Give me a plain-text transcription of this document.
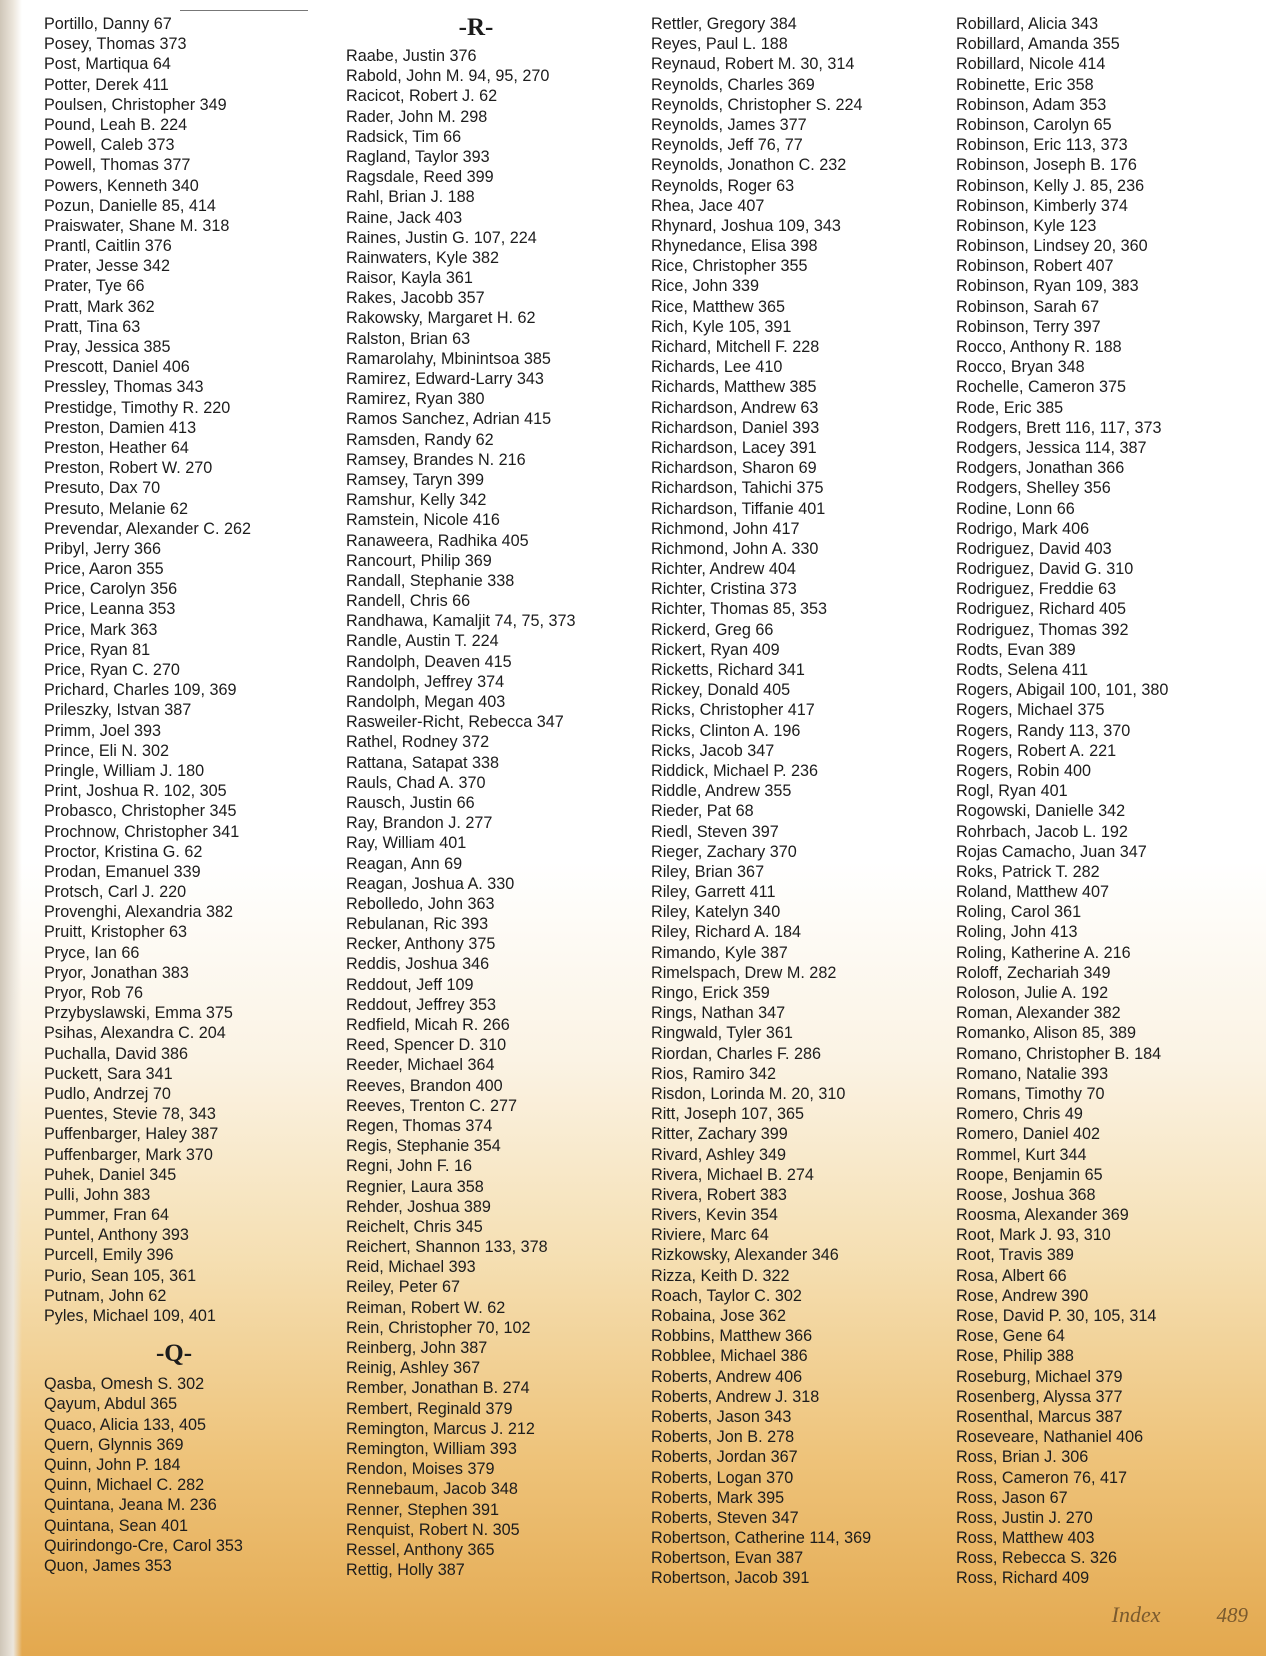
Portillo, Danny 67
Posey, Thomas 373
Post, Martiqua 64
Potter, Derek 411
Poulsen, Christopher 349
Pound, Leah B. 224
Powell, Caleb 373
Powell, Thomas 377
Powers, Kenneth 340
Pozun, Danielle 85, 414
Praiswater, Shane M. 318
Prantl, Caitlin 376
Prater, Jesse 342
Prater, Tye 66
Pratt, Mark 362
Pratt, Tina 63
Pray, Jessica 385
Prescott, Daniel 406
Pressley, Thomas 343
Prestidge, Timothy R. 220
Preston, Damien 413
Preston, Heather 64
Preston, Robert W. 270
Presuto, Dax 70
Presuto, Melanie 62
Prevendar, Alexander C. 262
Pribyl, Jerry 366
Price, Aaron 355
Price, Carolyn 356
Price, Leanna 353
Price, Mark 363
Price, Ryan 81
Price, Ryan C. 270
Prichard, Charles 109, 369
Prileszky, Istvan 387
Primm, Joel 393
Prince, Eli N. 302
Pringle, William J. 180
Print, Joshua R. 102, 305
Probasco, Christopher 345
Prochnow, Christopher 341
Proctor, Kristina G. 62
Prodan, Emanuel 339
Protsch, Carl J. 220
Provenghi, Alexandria 382
Pruitt, Kristopher 63
Pryce, Ian 66
Pryor, Jonathan 383
Pryor, Rob 76
Przybyslawski, Emma 375
Psihas, Alexandra C. 204
Puchalla, David 386
Puckett, Sara 341
Pudlo, Andrzej 70
Puentes, Stevie 78, 343
Puffenbarger, Haley 387
Puffenbarger, Mark 370
Puhek, Daniel 345
Pulli, John 383
Pummer, Fran 64
Puntel, Anthony 393
Purcell, Emily 396
Purio, Sean 105, 361
Putnam, John 62
Pyles, Michael 109, 401
-Q-
Qasba, Omesh S. 302
Qayum, Abdul 365
Quaco, Alicia 133, 405
Quern, Glynnis 369
Quinn, John P. 184
Quinn, Michael C. 282
Quintana, Jeana M. 236
Quintana, Sean 401
Quirindongo-Cre, Carol 353
Quon, James 353
-R-
Raabe, Justin 376
Rabold, John M. 94, 95, 270
Racicot, Robert J. 62
Rader, John M. 298
Radsick, Tim 66
Ragland, Taylor 393
Ragsdale, Reed 399
Rahl, Brian J. 188
Raine, Jack 403
Raines, Justin G. 107, 224
Rainwaters, Kyle 382
Raisor, Kayla 361
Rakes, Jacobb 357
Rakowsky, Margaret H. 62
Ralston, Brian 63
Ramarolahy, Mbinintsoa 385
Ramirez, Edward-Larry 343
Ramirez, Ryan 380
Ramos Sanchez, Adrian 415
Ramsden, Randy 62
Ramsey, Brandes N. 216
Ramsey, Taryn 399
Ramshur, Kelly 342
Ramstein, Nicole 416
Ranaweera, Radhika 405
Rancourt, Philip 369
Randall, Stephanie 338
Randell, Chris 66
Randhawa, Kamaljit 74, 75, 373
Randle, Austin T. 224
Randolph, Deaven 415
Randolph, Jeffrey 374
Randolph, Megan 403
Rasweiler-Richt, Rebecca 347
Rathel, Rodney 372
Rattana, Satapat 338
Rauls, Chad A. 370
Rausch, Justin 66
Ray, Brandon J. 277
Ray, William 401
Reagan, Ann 69
Reagan, Joshua A. 330
Rebolledo, John 363
Rebulanan, Ric 393
Recker, Anthony 375
Reddis, Joshua 346
Reddout, Jeff 109
Reddout, Jeffrey 353
Redfield, Micah R. 266
Reed, Spencer D. 310
Reeder, Michael 364
Reeves, Brandon 400
Reeves, Trenton C. 277
Regen, Thomas 374
Regis, Stephanie 354
Regni, John F. 16
Regnier, Laura 358
Rehder, Joshua 389
Reichelt, Chris 345
Reichert, Shannon 133, 378
Reid, Michael 393
Reiley, Peter 67
Reiman, Robert W. 62
Rein, Christopher 70, 102
Reinberg, John 387
Reinig, Ashley 367
Rember, Jonathan B. 274
Rembert, Reginald 379
Remington, Marcus J. 212
Remington, William 393
Rendon, Moises 379
Rennebaum, Jacob 348
Renner, Stephen 391
Renquist, Robert N. 305
Ressel, Anthony 365
Rettig, Holly 387
Rettler, Gregory 384
Reyes, Paul L. 188
Reynaud, Robert M. 30, 314
Reynolds, Charles 369
Reynolds, Christopher S. 224
Reynolds, James 377
Reynolds, Jeff 76, 77
Reynolds, Jonathon C. 232
Reynolds, Roger 63
Rhea, Jace 407
Rhynard, Joshua 109, 343
Rhynedance, Elisa 398
Rice, Christopher 355
Rice, John 339
Rice, Matthew 365
Rich, Kyle 105, 391
Richard, Mitchell F. 228
Richards, Lee 410
Richards, Matthew 385
Richardson, Andrew 63
Richardson, Daniel 393
Richardson, Lacey 391
Richardson, Sharon 69
Richardson, Tahichi 375
Richardson, Tiffanie 401
Richmond, John 417
Richmond, John A. 330
Richter, Andrew 404
Richter, Cristina 373
Richter, Thomas 85, 353
Rickerd, Greg 66
Rickert, Ryan 409
Ricketts, Richard 341
Rickey, Donald 405
Ricks, Christopher 417
Ricks, Clinton A. 196
Ricks, Jacob 347
Riddick, Michael P. 236
Riddle, Andrew 355
Rieder, Pat 68
Riedl, Steven 397
Rieger, Zachary 370
Riley, Brian 367
Riley, Garrett 411
Riley, Katelyn 340
Riley, Richard A. 184
Rimando, Kyle 387
Rimelspach, Drew M. 282
Ringo, Erick 359
Rings, Nathan 347
Ringwald, Tyler 361
Riordan, Charles F. 286
Rios, Ramiro 342
Risdon, Lorinda M. 20, 310
Ritt, Joseph 107, 365
Ritter, Zachary 399
Rivard, Ashley 349
Rivera, Michael B. 274
Rivera, Robert 383
Rivers, Kevin 354
Riviere, Marc 64
Rizkowsky, Alexander 346
Rizza, Keith D. 322
Roach, Taylor C. 302
Robaina, Jose 362
Robbins, Matthew 366
Robblee, Michael 386
Roberts, Andrew 406
Roberts, Andrew J. 318
Roberts, Jason 343
Roberts, Jon B. 278
Roberts, Jordan 367
Roberts, Logan 370
Roberts, Mark 395
Roberts, Steven 347
Robertson, Catherine 114, 369
Robertson, Evan 387
Robertson, Jacob 391
Robillard, Alicia 343
Robillard, Amanda 355
Robillard, Nicole 414
Robinette, Eric 358
Robinson, Adam 353
Robinson, Carolyn 65
Robinson, Eric 113, 373
Robinson, Joseph B. 176
Robinson, Kelly J. 85, 236
Robinson, Kimberly 374
Robinson, Kyle 123
Robinson, Lindsey 20, 360
Robinson, Robert 407
Robinson, Ryan 109, 383
Robinson, Sarah 67
Robinson, Terry 397
Rocco, Anthony R. 188
Rocco, Bryan 348
Rochelle, Cameron 375
Rode, Eric 385
Rodgers, Brett 116, 117, 373
Rodgers, Jessica 114, 387
Rodgers, Jonathan 366
Rodgers, Shelley 356
Rodine, Lonn 66
Rodrigo, Mark 406
Rodriguez, David 403
Rodriguez, David G. 310
Rodriguez, Freddie 63
Rodriguez, Richard 405
Rodriguez, Thomas 392
Rodts, Evan 389
Rodts, Selena 411
Rogers, Abigail 100, 101, 380
Rogers, Michael 375
Rogers, Randy 113, 370
Rogers, Robert A. 221
Rogers, Robin 400
Rogl, Ryan 401
Rogowski, Danielle 342
Rohrbach, Jacob L. 192
Rojas Camacho, Juan 347
Roks, Patrick T. 282
Roland, Matthew 407
Roling, Carol 361
Roling, John 413
Roling, Katherine A. 216
Roloff, Zechariah 349
Roloson, Julie A. 192
Roman, Alexander 382
Romanko, Alison 85, 389
Romano, Christopher B. 184
Romano, Natalie 393
Romans, Timothy 70
Romero, Chris 49
Romero, Daniel 402
Rommel, Kurt 344
Roope, Benjamin 65
Roose, Joshua 368
Roosma, Alexander 369
Root, Mark J. 93, 310
Root, Travis 389
Rosa, Albert 66
Rose, Andrew 390
Rose, David P. 30, 105, 314
Rose, Gene 64
Rose, Philip 388
Roseburg, Michael 379
Rosenberg, Alyssa 377
Rosenthal, Marcus 387
Roseveare, Nathaniel 406
Ross, Brian J. 306
Ross, Cameron 76, 417
Ross, Jason 67
Ross, Justin J. 270
Ross, Matthew 403
Ross, Rebecca S. 326
Ross, Richard 409
Index	489
